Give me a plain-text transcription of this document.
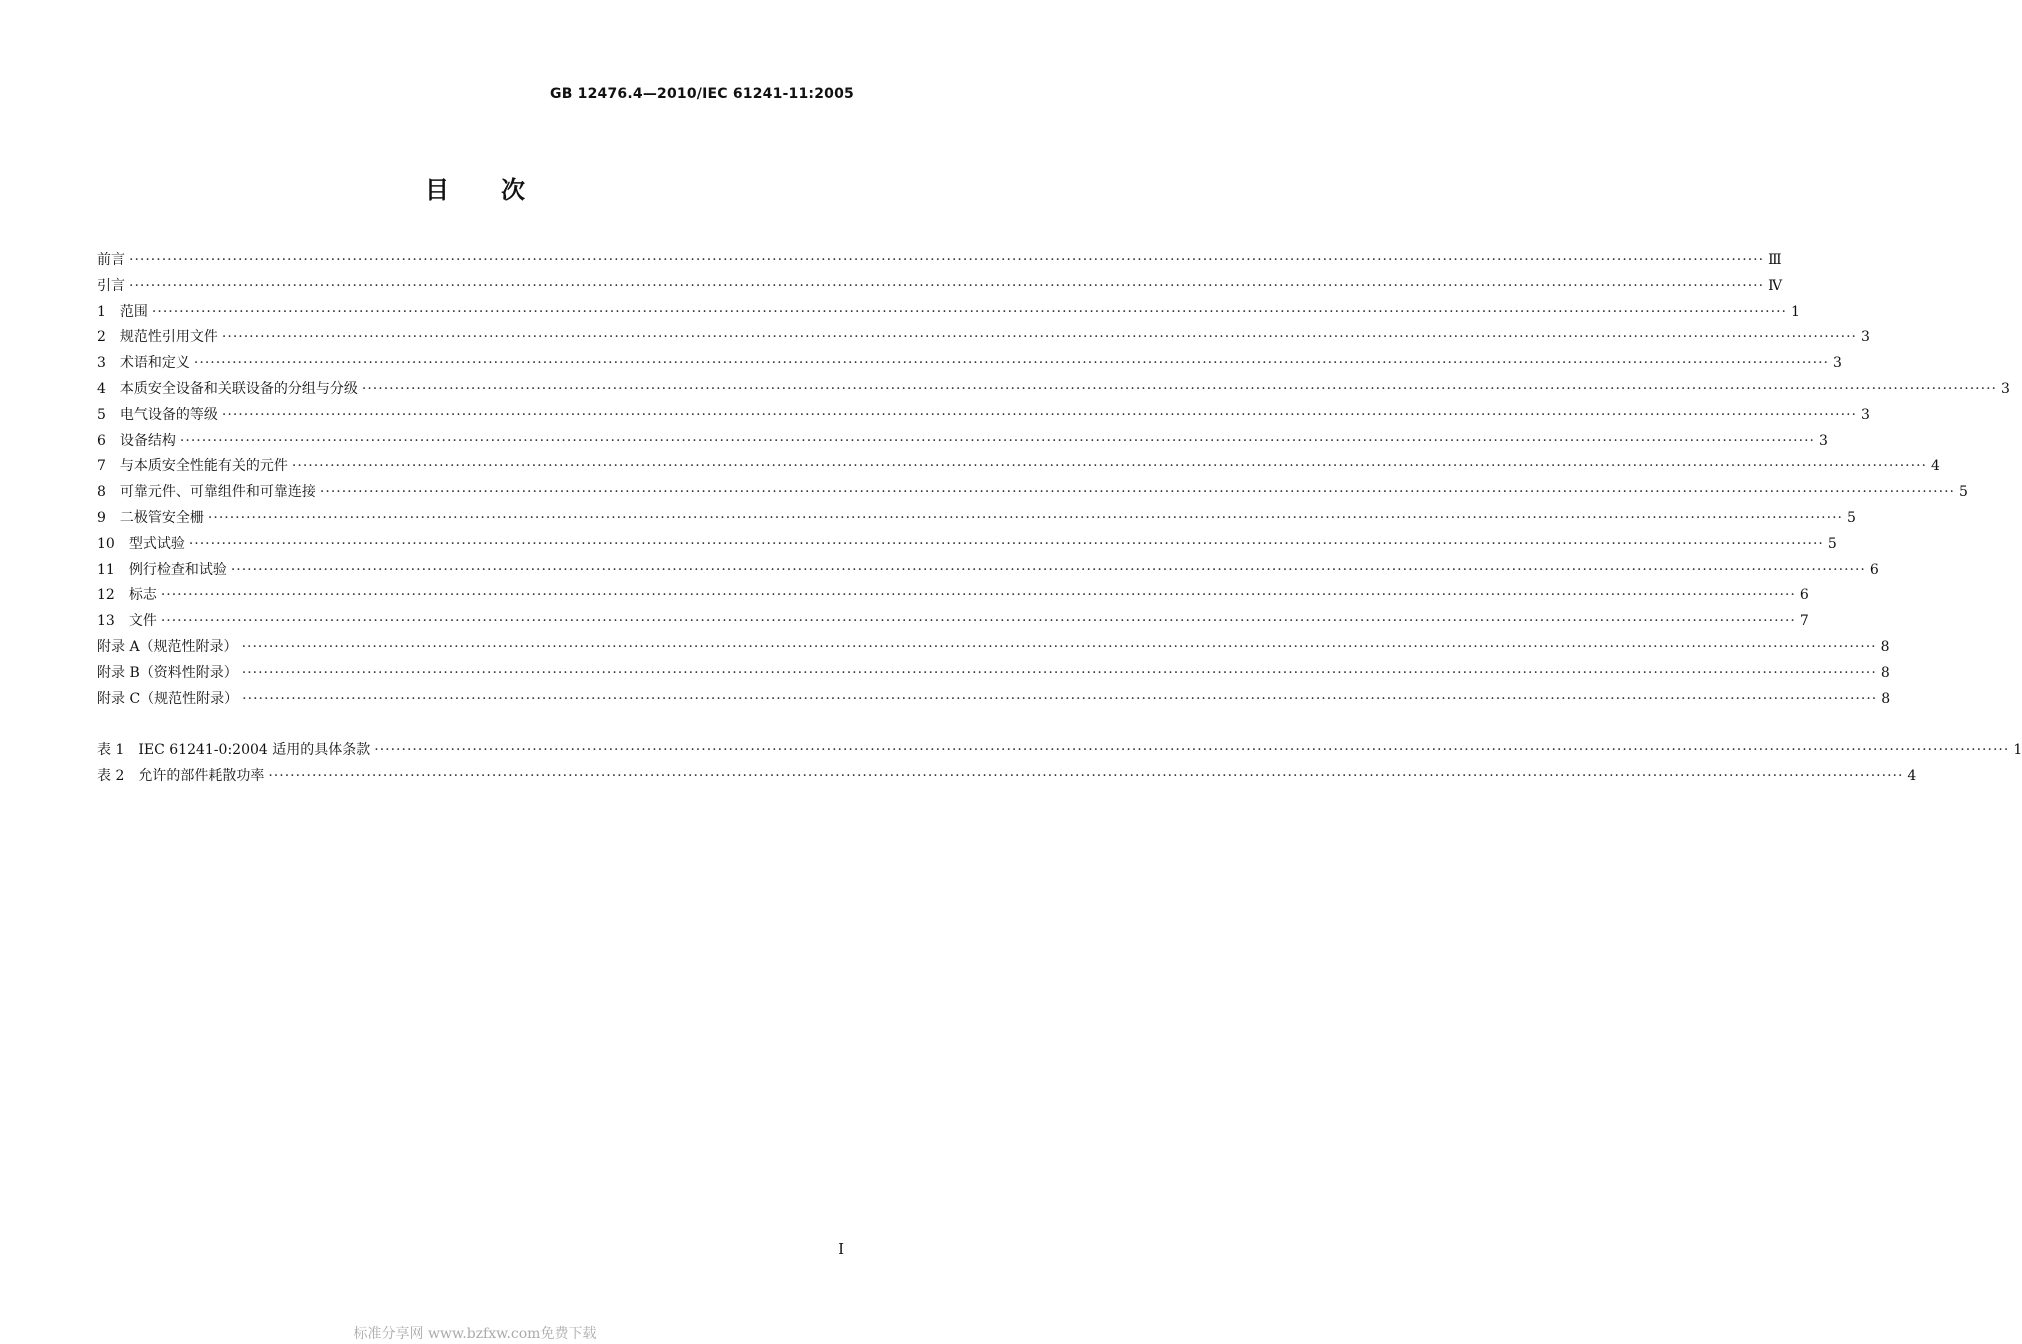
GB 12476.4—2010/IEC 61241-11:2005
目次
前言 ············································································································································································································································································································ Ⅲ
引言 ············································································································································································································································································································ Ⅳ
1　范围 ············································································································································································································································································································ 1
2　规范性引用文件 ············································································································································································································································································································ 3
3　术语和定义 ············································································································································································································································································································ 3
4　本质安全设备和关联设备的分组与分级 ············································································································································································································································································································ 3
5　电气设备的等级 ············································································································································································································································································································ 3
6　设备结构 ············································································································································································································································································································ 3
7　与本质安全性能有关的元件 ············································································································································································································································································································ 4
8　可靠元件、可靠组件和可靠连接 ············································································································································································································································································································ 5
9　二极管安全栅 ············································································································································································································································································································ 5
10　型式试验 ············································································································································································································································································································ 5
11　例行检查和试验 ············································································································································································································································································································ 6
12　标志 ············································································································································································································································································································ 6
13　文件 ············································································································································································································································································································ 7
附录 A（规范性附录） ············································································································································································································································································································ 8
附录 B（资料性附录） ············································································································································································································································································································ 8
附录 C（规范性附录） ············································································································································································································································································································ 8
表 1　IEC 61241-0:2004 适用的具体条款 ············································································································································································································································································································ 1
表 2　允许的部件耗散功率 ············································································································································································································································································································ 4
I
标准分享网 www.bzfxw.com免费下载
